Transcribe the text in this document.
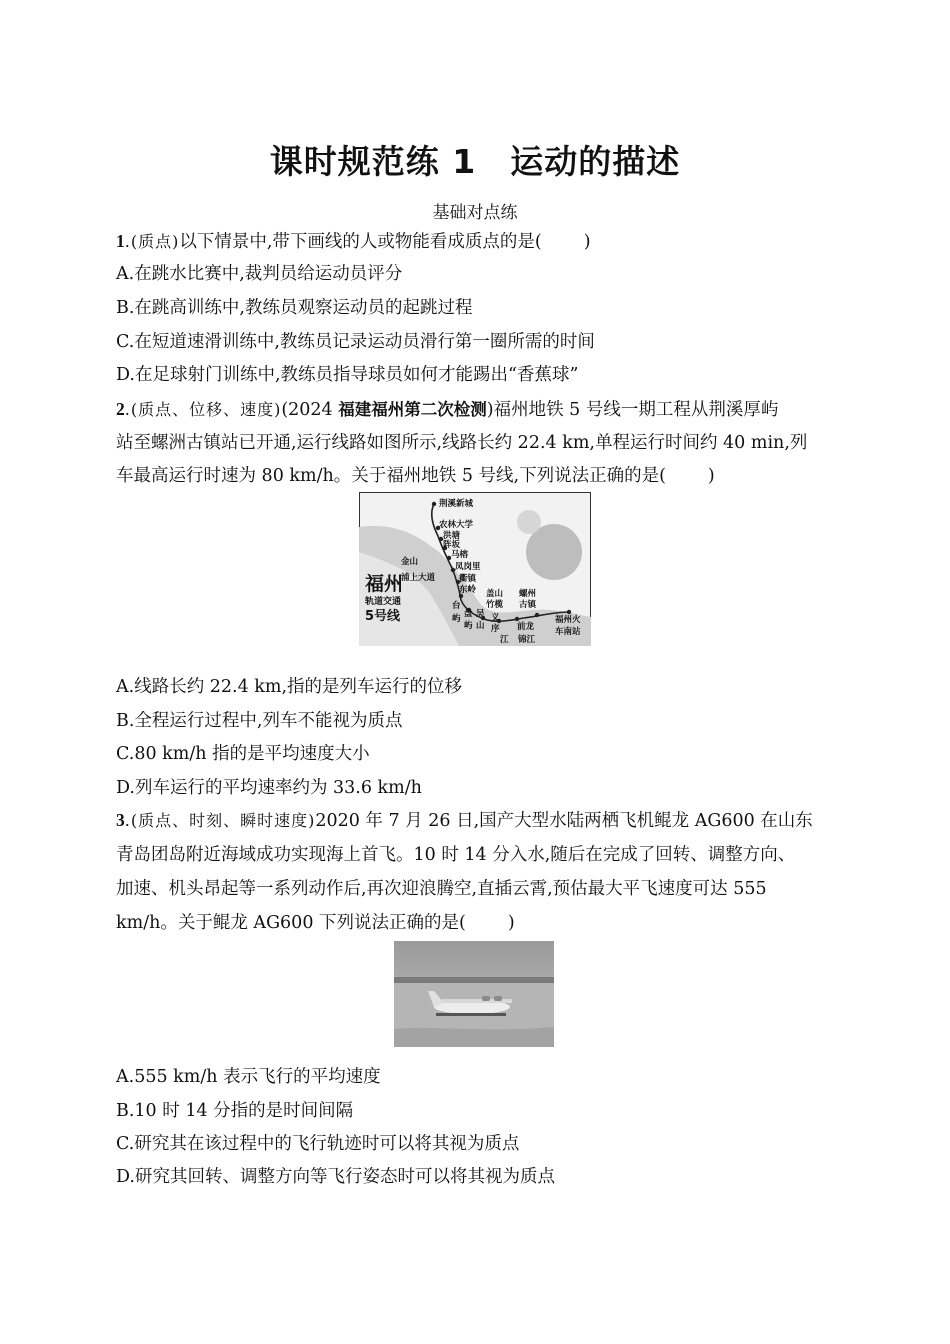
课时规范练 1 运动的描述
基础对点练
1.(质点)以下情景中,带下画线的人或物能看成质点的是( )
A.在跳水比赛中,裁判员给运动员评分
B.在跳高训练中,教练员观察运动员的起跳过程
C.在短道速滑训练中,教练员记录运动员滑行第一圈所需的时间
D.在足球射门训练中,教练员指导球员如何才能踢出“香蕉球”
2.(质点、位移、速度)(2024 福建福州第二次检测)福州地铁 5 号线一期工程从荆溪厚屿
站至螺洲古镇站已开通,运行线路如图所示,线路长约 22.4 km,单程运行时间约 40 min,列
车最高运行时速为 80 km/h。关于福州地铁 5 号线,下列说法正确的是( )
荆溪新城
农林大学
洪塘
阵坂
马榕
凤岗里
金山
浦上大道	衢镇
东岭
台
屿 盘
屿
吴
山
盖山
竹榄
义
序
江
前龙
螺州
古镇
锦江
福州火
车南站
福州
轨道交通
5号线
A.线路长约 22.4 km,指的是列车运行的位移
B.全程运行过程中,列车不能视为质点
C.80 km/h 指的是平均速度大小
D.列车运行的平均速率约为 33.6 km/h
3.(质点、时刻、瞬时速度)2020 年 7 月 26 日,国产大型水陆两栖飞机鲲龙 AG600 在山东
青岛团岛附近海域成功实现海上首飞。10 时 14 分入水,随后在完成了回转、调整方向、
加速、机头昂起等一系列动作后,再次迎浪腾空,直插云霄,预估最大平飞速度可达 555
km/h。关于鲲龙 AG600 下列说法正确的是( )
A.555 km/h 表示飞行的平均速度
B.10 时 14 分指的是时间间隔
C.研究其在该过程中的飞行轨迹时可以将其视为质点
D.研究其回转、调整方向等飞行姿态时可以将其视为质点
